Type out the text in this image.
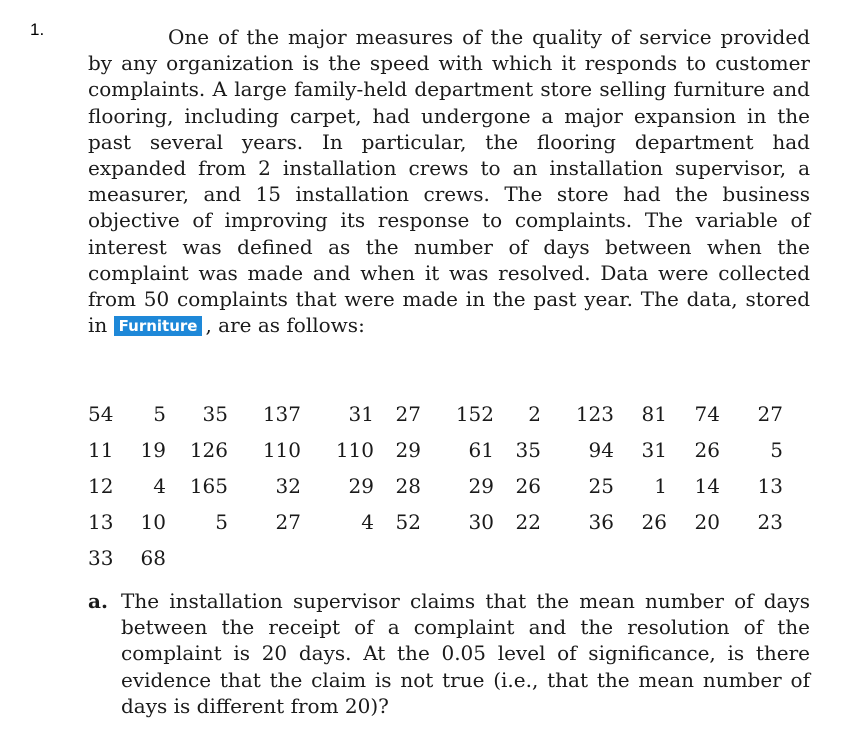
1.	One of the major measures of the quality of service provided by any organization is the speed with which it responds to customer complaints. A large family-held department store selling furniture and flooring, including carpet, had undergone a major expansion in the past several years. In particular, the flooring department had expanded from 2 installation crews to an installation supervisor, a measurer, and 15 installation crews. The store had the business objective of improving its response to complaints. The variable of interest was defined as the number of days between when the complaint was made and when it was resolved. Data were collected from 50 complaints that were made in the past year. The data, stored in Furniture , are as follows:

54	5	35	137	31	27	152	2	123	81	74	27
11	19	126	110	110	29	61	35	94	31	26	5
12	4	165	32	29	28	29	26	25	1	14	13
13	10	5	27	4	52	30	22	36	26	20	23
33	68										
a. The installation supervisor claims that the mean number of days between the receipt of a complaint and the resolution of the complaint is 20 days. At the 0.05 level of significance, is there evidence that the claim is not true (i.e., that the mean number of days is different from 20)?
